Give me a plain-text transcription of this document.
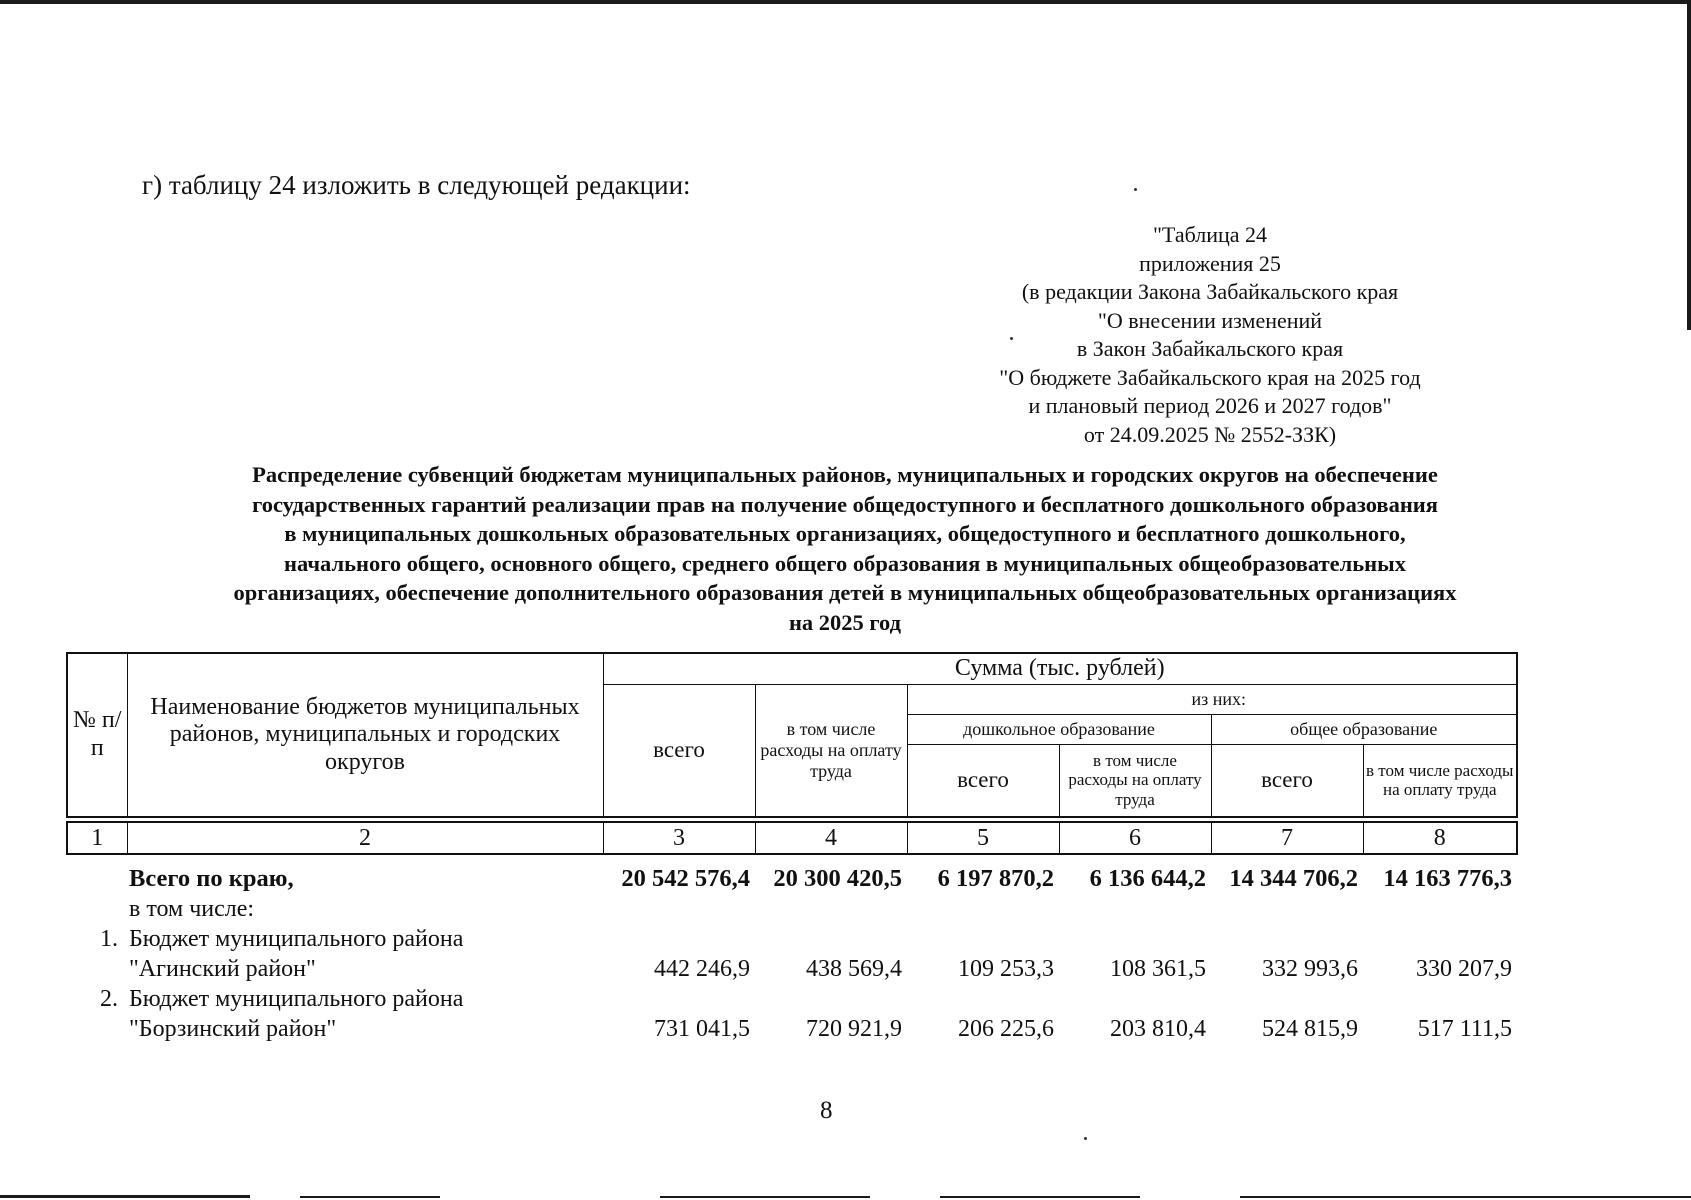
г) таблицу 24 изложить в следующей редакции:
"Таблица 24
приложения 25
(в редакции Закона Забайкальского края
"О внесении изменений
в Закон Забайкальского края
"О бюджете Забайкальского края на 2025 год
и плановый период 2026 и 2027 годов"
от 24.09.2025 № 2552-ЗЗК)
Распределение субвенций бюджетам муниципальных районов, муниципальных и городских округов на обеспечение
государственных гарантий реализации прав на получение общедоступного и бесплатного дошкольного образования
в муниципальных дошкольных образовательных организациях, общедоступного и бесплатного дошкольного,
начального общего, основного общего, среднего общего образования в муниципальных общеобразовательных
организациях, обеспечение дополнительного образования детей в муниципальных общеобразовательных организациях
на 2025 год
№ п/п	Наименование бюджетов муниципальных районов, муниципальных и городских округов	Сумма (тыс. рублей)					
		всего	в том числе расходы на оплату труда	из них:			
				дошкольное образование		общее образование	
				всего	в том числе расходы на оплату труда	всего	в том числе расходы на оплату труда
1	2	3	4	5	6	7	8
	Всего по краю,	20 542 576,4	20 300 420,5	6 197 870,2	6 136 644,2	14 344 706,2	14 163 776,3
	в том числе:						
1.	Бюджет муниципального района						
	"Агинский район"	442 246,9	438 569,4	109 253,3	108 361,5	332 993,6	330 207,9
2.	Бюджет муниципального района						
	"Борзинский район"	731 041,5	720 921,9	206 225,6	203 810,4	524 815,9	517 111,5
8
